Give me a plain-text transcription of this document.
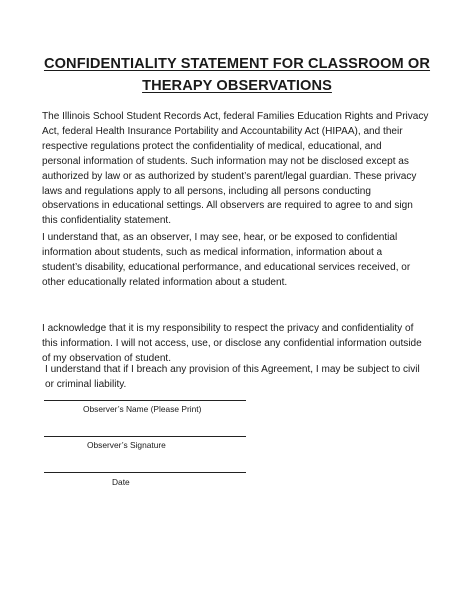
CONFIDENTIALITY STATEMENT FOR CLASSROOM OR
THERAPY OBSERVATIONS

The Illinois School Student Records Act, federal Families Education Rights and Privacy
Act, federal Health Insurance Portability and Accountability Act (HIPAA), and their
respective regulations protect the confidentiality of medical, educational, and
personal information of students. Such information may not be disclosed except as
authorized by law or as authorized by student’s parent/legal guardian. These privacy
laws and regulations apply to all persons, including all persons conducting
observations in educational settings. All observers are required to agree to and sign
this confidentiality statement.

I understand that, as an observer, I may see, hear, or be exposed to confidential
information about students, such as medical information, information about a
student’s disability, educational performance, and educational services received, or
other educationally related information about a student.

I acknowledge that it is my responsibility to respect the privacy and confidentiality of
this information. I will not access, use, or disclose any confidential information outside
of my observation of student.

I understand that if I breach any provision of this Agreement, I may be subject to civil
or criminal liability.

Observer’s Name (Please Print)
Observer’s Signature
Date
